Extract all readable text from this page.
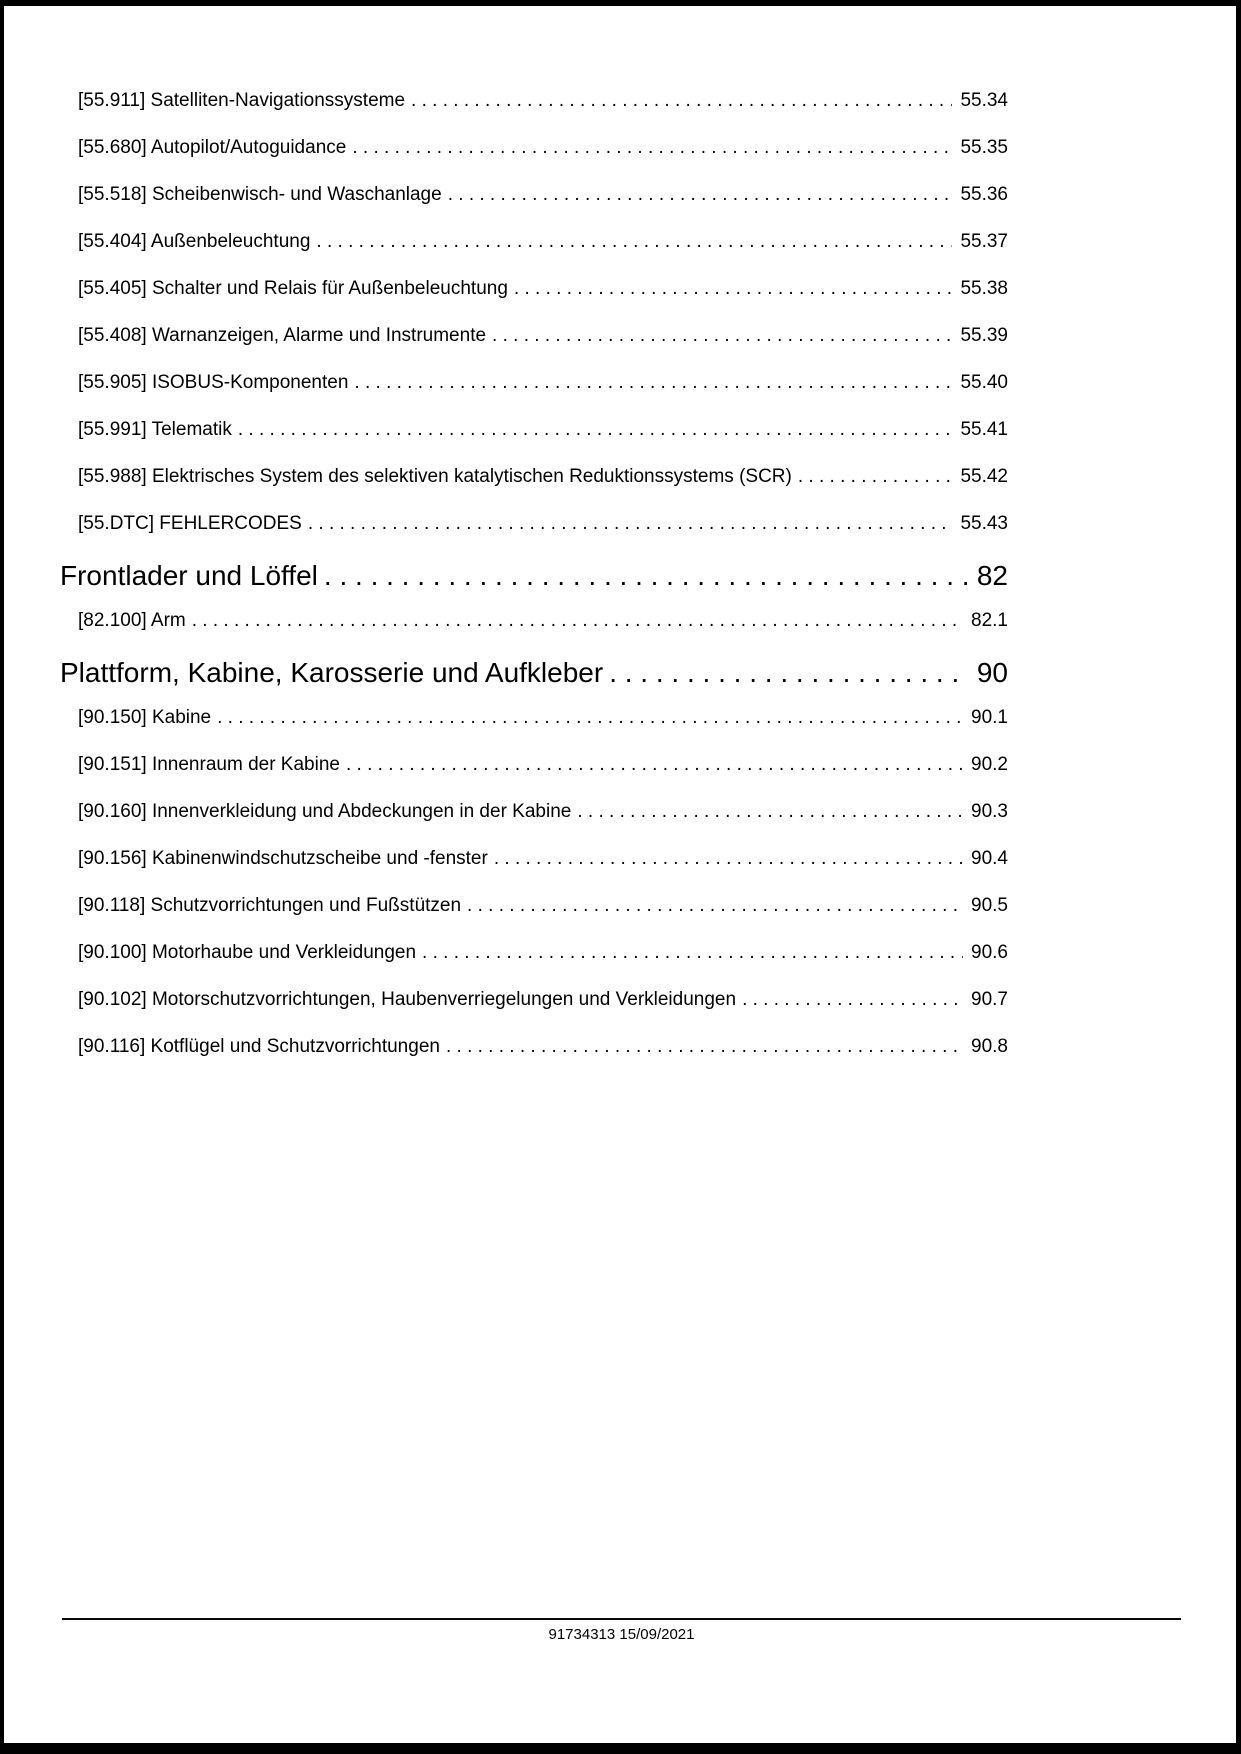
[55.911] Satelliten-Navigationssysteme . . .	55.34
[55.680] Autopilot/Autoguidance . . .	55.35
[55.518] Scheibenwisch- und Waschanlage . . .	55.36
[55.404] Außenbeleuchtung . . .	55.37
[55.405] Schalter und Relais für Außenbeleuchtung . . .	55.38
[55.408] Warnanzeigen, Alarme und Instrumente . . .	55.39
[55.905] ISOBUS-Komponenten . . .	55.40
[55.991] Telematik . . .	55.41
[55.988] Elektrisches System des selektiven katalytischen Reduktionssystems (SCR) . . .	55.42
[55.DTC] FEHLERCODES . . .	55.43
Frontlader und Löffel . . .	82
[82.100] Arm . . .	82.1
Plattform, Kabine, Karosserie und Aufkleber . . .	90
[90.150] Kabine . . .	90.1
[90.151] Innenraum der Kabine . . .	90.2
[90.160] Innenverkleidung und Abdeckungen in der Kabine . . .	90.3
[90.156] Kabinenwindschutzscheibe und -fenster . . .	90.4
[90.118] Schutzvorrichtungen und Fußstützen . . .	90.5
[90.100] Motorhaube und Verkleidungen . . .	90.6
[90.102] Motorschutzvorrichtungen, Haubenverriegelungen und Verkleidungen . . .	90.7
[90.116] Kotflügel und Schutzvorrichtungen . . .	90.8
91734313 15/09/2021
